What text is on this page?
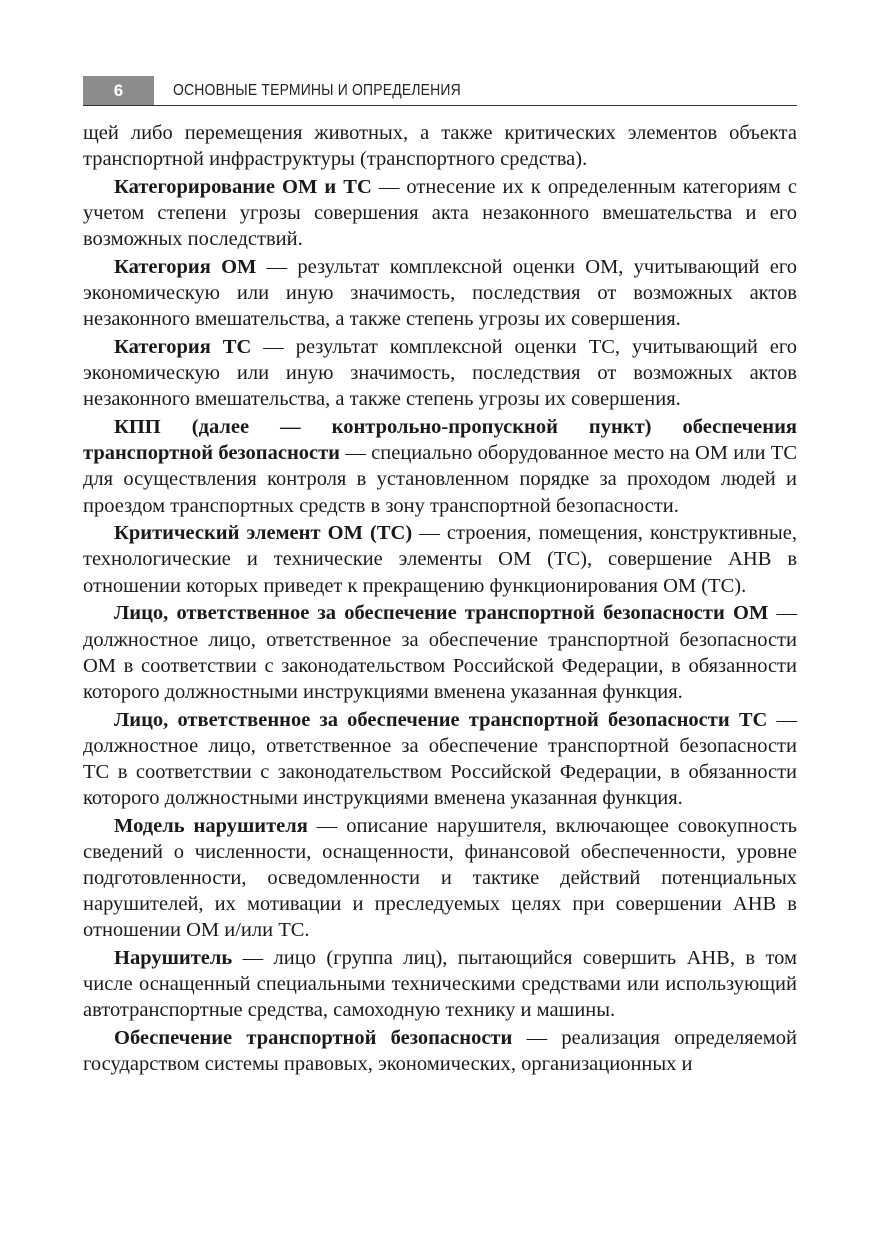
6	ОСНОВНЫЕ ТЕРМИНЫ И ОПРЕДЕЛЕНИЯ

щей либо перемещения животных, а также критических элементов объекта транспортной инфраструктуры (транспортного средства).

Категорирование ОМ и ТС — отнесение их к определенным категориям с учетом степени угрозы совершения акта незаконного вмешательства и его возможных последствий.

Категория ОМ — результат комплексной оценки ОМ, учитывающий его экономическую или иную значимость, последствия от возможных актов незаконного вмешательства, а также степень угрозы их совершения.

Категория ТС — результат комплексной оценки ТС, учитывающий его экономическую или иную значимость, последствия от возможных актов незаконного вмешательства, а также степень угрозы их совершения.

КПП (далее — контрольно-пропускной пункт) обеспечения транспортной безопасности — специально оборудованное место на ОМ или ТС для осуществления контроля в установленном порядке за проходом людей и проездом транспортных средств в зону транспортной безопасности.

Критический элемент ОМ (ТС) — строения, помещения, конструктивные, технологические и технические элементы ОМ (ТС), совершение АНВ в отношении которых приведет к прекращению функционирования ОМ (ТС).

Лицо, ответственное за обеспечение транспортной безопасности ОМ — должностное лицо, ответственное за обеспечение транспортной безопасности ОМ в соответствии с законодательством Российской Федерации, в обязанности которого должностными инструкциями вменена указанная функция.

Лицо, ответственное за обеспечение транспортной безопасности ТС — должностное лицо, ответственное за обеспечение транспортной безопасности ТС в соответствии с законодательством Российской Федерации, в обязанности которого должностными инструкциями вменена указанная функция.

Модель нарушителя — описание нарушителя, включающее совокупность сведений о численности, оснащенности, финансовой обеспеченности, уровне подготовленности, осведомленности и тактике действий потенциальных нарушителей, их мотивации и преследуемых целях при совершении АНВ в отношении ОМ и/или ТС.

Нарушитель — лицо (группа лиц), пытающийся совершить АНВ, в том числе оснащенный специальными техническими средствами или использующий автотранспортные средства, самоходную технику и машины.

Обеспечение транспортной безопасности — реализация определяемой государством системы правовых, экономических, организационных и
